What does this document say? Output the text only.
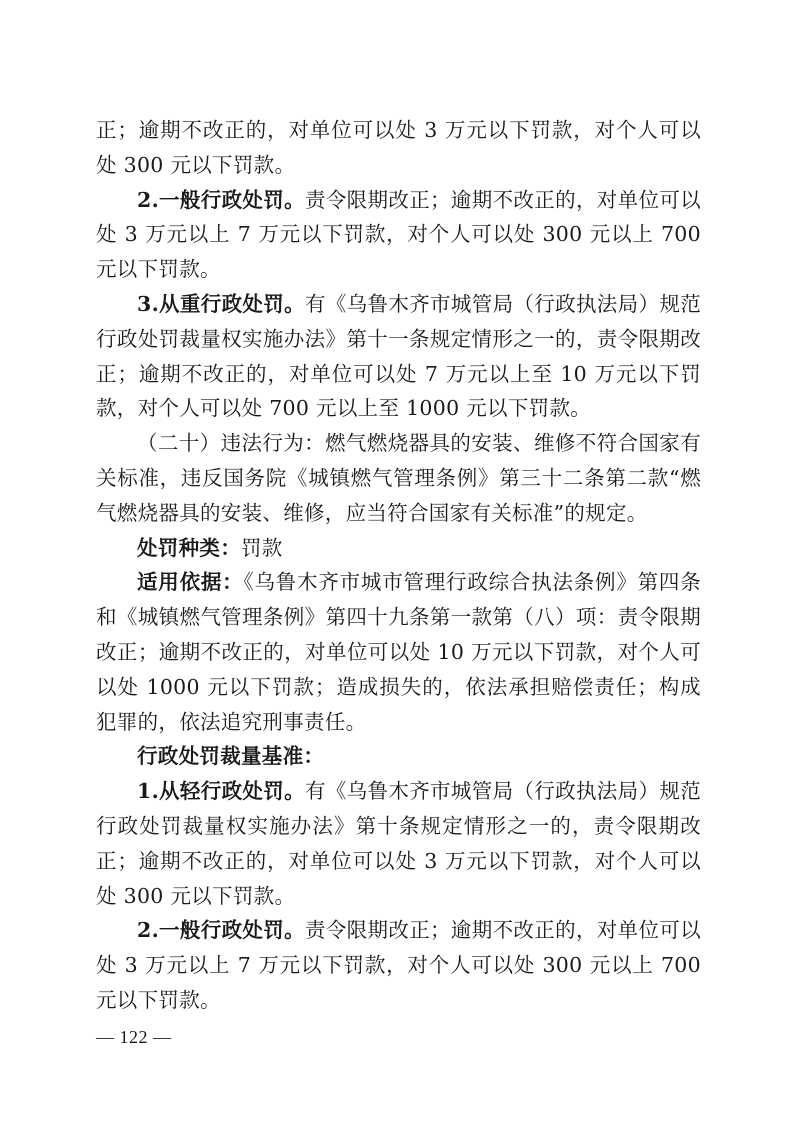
正；逾期不改正的，对单位可以处 3 万元以下罚款，对个人可以处 300 元以下罚款。

2.一般行政处罚。责令限期改正；逾期不改正的，对单位可以处 3 万元以上 7 万元以下罚款，对个人可以处 300 元以上 700 元以下罚款。

3.从重行政处罚。有《乌鲁木齐市城管局（行政执法局）规范行政处罚裁量权实施办法》第十一条规定情形之一的，责令限期改正；逾期不改正的，对单位可以处 7 万元以上至 10 万元以下罚款，对个人可以处 700 元以上至 1000 元以下罚款。

（二十）违法行为：燃气燃烧器具的安装、维修不符合国家有关标准，违反国务院《城镇燃气管理条例》第三十二条第二款“燃气燃烧器具的安装、维修，应当符合国家有关标准”的规定。

处罚种类：罚款

适用依据：《乌鲁木齐市城市管理行政综合执法条例》第四条和《城镇燃气管理条例》第四十九条第一款第（八）项：责令限期改正；逾期不改正的，对单位可以处 10 万元以下罚款，对个人可以处 1000 元以下罚款；造成损失的，依法承担赔偿责任；构成犯罪的，依法追究刑事责任。

行政处罚裁量基准：

1.从轻行政处罚。有《乌鲁木齐市城管局（行政执法局）规范行政处罚裁量权实施办法》第十条规定情形之一的，责令限期改正；逾期不改正的，对单位可以处 3 万元以下罚款，对个人可以处 300 元以下罚款。

2.一般行政处罚。责令限期改正；逾期不改正的，对单位可以处 3 万元以上 7 万元以下罚款，对个人可以处 300 元以上 700 元以下罚款。

— 122 —
